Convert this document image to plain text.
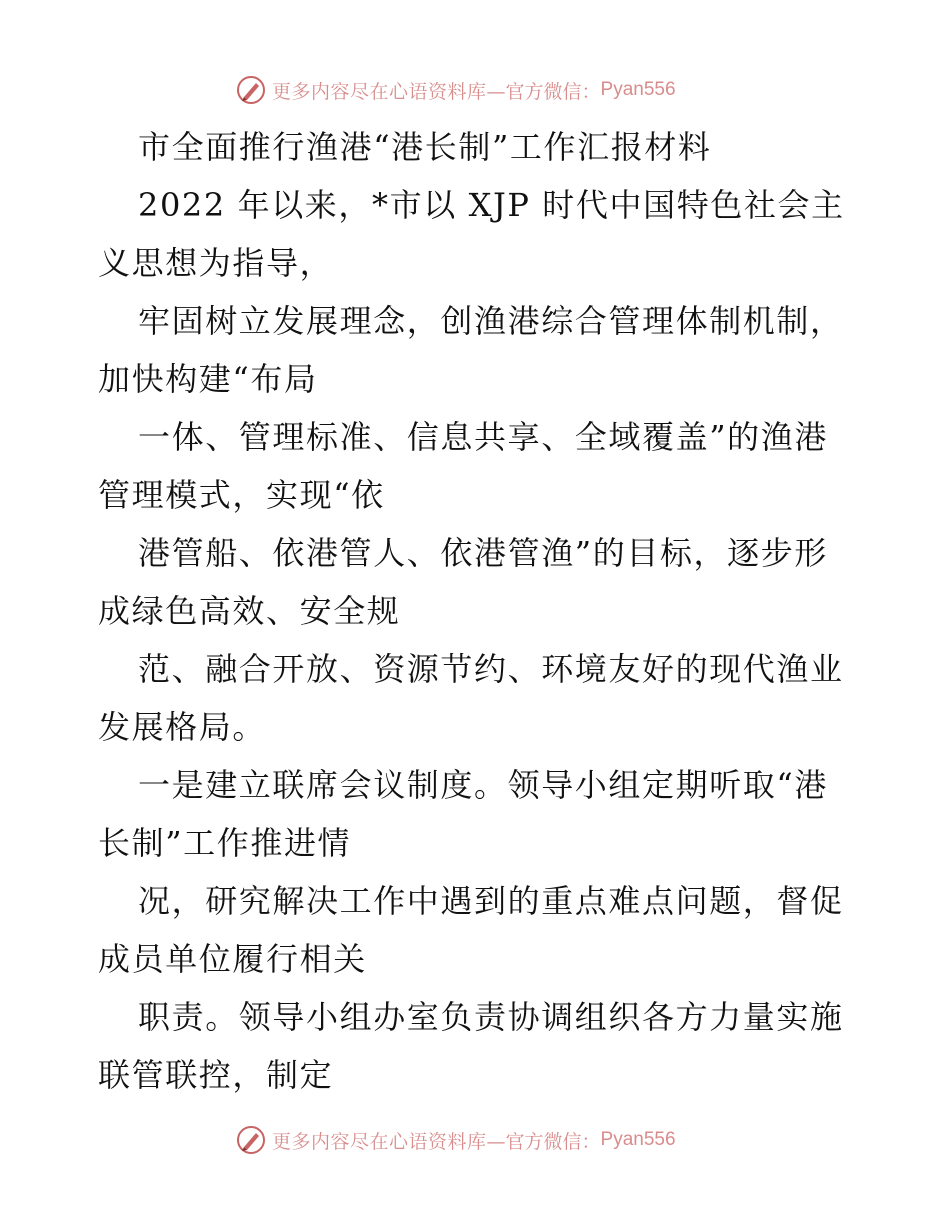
更多内容尽在心语资料库 —官方微信： Pyan556
市全面推行渔港“港长制”工作汇报材料
2022 年以来，*市以 XJP 时代中国特色社会主
义思想为指导，
牢固树立发展理念，创渔港综合管理体制机制，
加快构建“布局
一体、管理标准、信息共享、全域覆盖”的渔港
管理模式，实现“依
港管船、依港管人、依港管渔”的目标，逐步形
成绿色高效、安全规
范、融合开放、资源节约、环境友好的现代渔业
发展格局。
一是建立联席会议制度。领导小组定期听取“港
长制”工作推进情
况，研究解决工作中遇到的重点难点问题，督促
成员单位履行相关
职责。领导小组办室负责协调组织各方力量实施
联管联控，制定
更多内容尽在心语资料库 —官方微信： Pyan556
